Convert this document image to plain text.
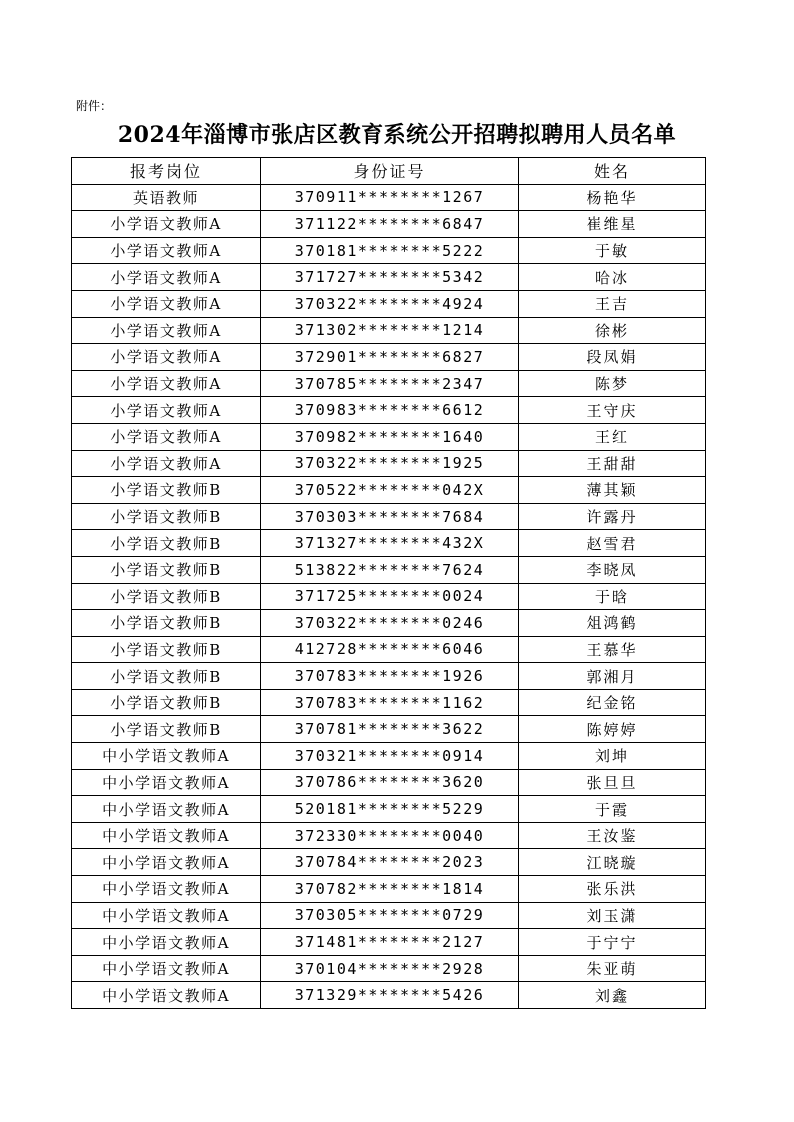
附件：
2024年淄博市张店区教育系统公开招聘拟聘用人员名单
报考岗位	身份证号	姓名
英语教师	370911********1267	杨艳华
小学语文教师A	371122********6847	崔维星
小学语文教师A	370181********5222	于敏
小学语文教师A	371727********5342	哈冰
小学语文教师A	370322********4924	王吉
小学语文教师A	371302********1214	徐彬
小学语文教师A	372901********6827	段凤娟
小学语文教师A	370785********2347	陈梦
小学语文教师A	370983********6612	王守庆
小学语文教师A	370982********1640	王红
小学语文教师A	370322********1925	王甜甜
小学语文教师B	370522********042X	薄其颖
小学语文教师B	370303********7684	许露丹
小学语文教师B	371327********432X	赵雪君
小学语文教师B	513822********7624	李晓凤
小学语文教师B	371725********0024	于晗
小学语文教师B	370322********0246	俎鸿鹤
小学语文教师B	412728********6046	王慕华
小学语文教师B	370783********1926	郭湘月
小学语文教师B	370783********1162	纪金铭
小学语文教师B	370781********3622	陈婷婷
中小学语文教师A	370321********0914	刘坤
中小学语文教师A	370786********3620	张旦旦
中小学语文教师A	520181********5229	于霞
中小学语文教师A	372330********0040	王汝鉴
中小学语文教师A	370784********2023	江晓璇
中小学语文教师A	370782********1814	张乐洪
中小学语文教师A	370305********0729	刘玉潇
中小学语文教师A	371481********2127	于宁宁
中小学语文教师A	370104********2928	朱亚萌
中小学语文教师A	371329********5426	刘鑫
